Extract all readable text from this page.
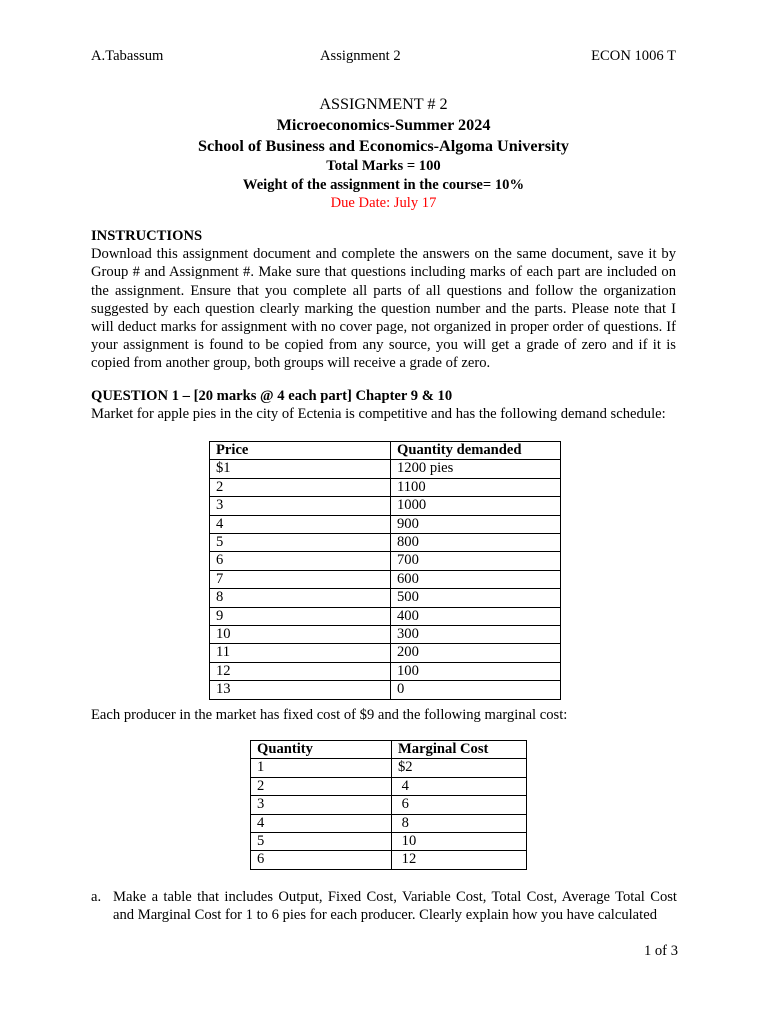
A.Tabassum	Assignment 2	ECON 1006 T
ASSIGNMENT # 2
Microeconomics-Summer 2024
School of Business and Economics-Algoma University
Total Marks = 100
Weight of the assignment in the course= 10%
Due Date: July 17
INSTRUCTIONS
Download this assignment document and complete the answers on the same document, save it by Group # and Assignment #. Make sure that questions including marks of each part are included on the assignment. Ensure that you complete all parts of all questions and follow the organization suggested by each question clearly marking the question number and the parts. Please note that I will deduct marks for assignment with no cover page, not organized in proper order of questions. If your assignment is found to be copied from any source, you will get a grade of zero and if it is copied from another group, both groups will receive a grade of zero.
QUESTION 1 – [20 marks @ 4 each part] Chapter 9 & 10
Market for apple pies in the city of Ectenia is competitive and has the following demand schedule:
Price	Quantity demanded
$1	1200 pies
2	1100
3	1000
4	900
5	800
6	700
7	600
8	500
9	400
10	300
11	200
12	100
13	0
Each producer in the market has fixed cost of $9 and the following marginal cost:
Quantity	Marginal Cost
1	$2
2	4
3	6
4	8
5	10
6	12
a. Make a table that includes Output, Fixed Cost, Variable Cost, Total Cost, Average Total Cost and Marginal Cost for 1 to 6 pies for each producer. Clearly explain how you have calculated
1 of 3
